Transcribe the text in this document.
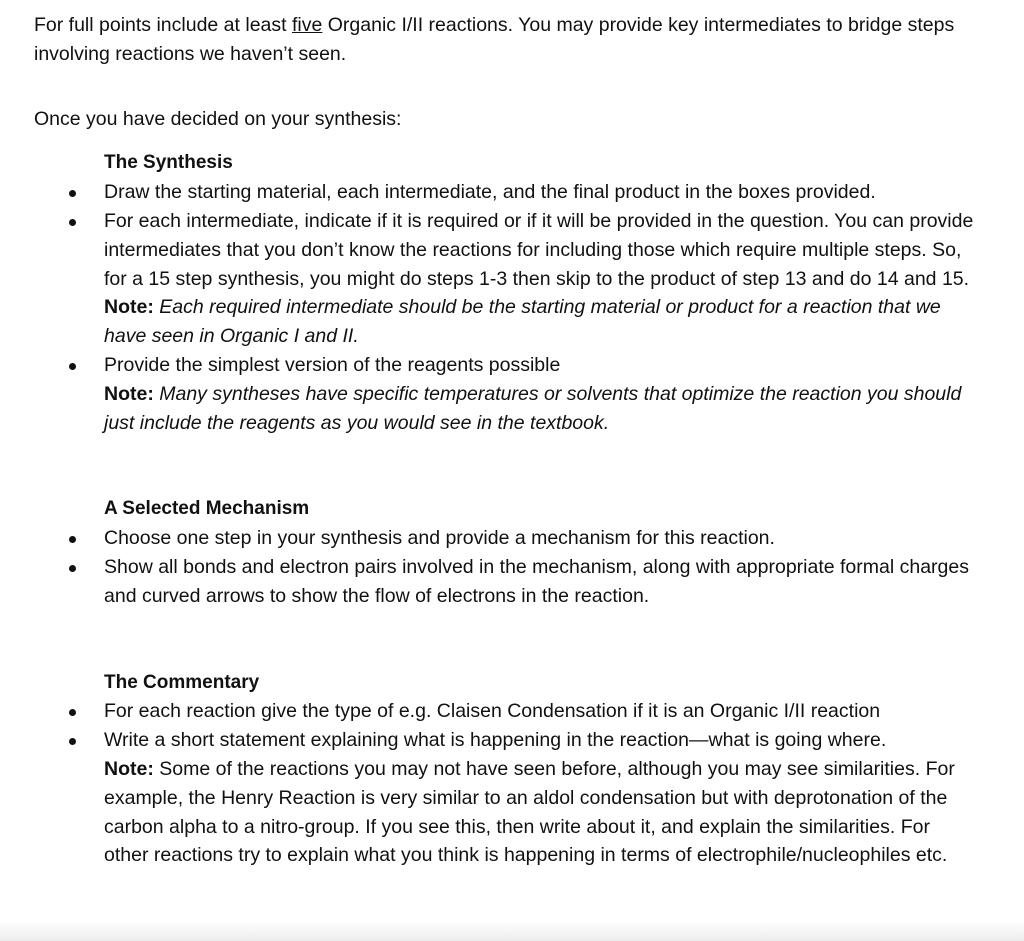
For full points include at least five Organic I/II reactions. You may provide key intermediates to bridge steps involving reactions we haven’t seen.

Once you have decided on your synthesis:

The Synthesis

Draw the starting material, each intermediate, and the final product in the boxes provided.
For each intermediate, indicate if it is required or if it will be provided in the question. You can provide intermediates that you don’t know the reactions for including those which require multiple steps. So, for a 15 step synthesis, you might do steps 1-3 then skip to the product of step 13 and do 14 and 15.
Note: Each required intermediate should be the starting material or product for a reaction that we have seen in Organic I and II.
Provide the simplest version of the reagents possible
Note: Many syntheses have specific temperatures or solvents that optimize the reaction you should just include the reagents as you would see in the textbook.

A Selected Mechanism

Choose one step in your synthesis and provide a mechanism for this reaction.
Show all bonds and electron pairs involved in the mechanism, along with appropriate formal charges and curved arrows to show the flow of electrons in the reaction.

The Commentary

For each reaction give the type of e.g. Claisen Condensation if it is an Organic I/II reaction
Write a short statement explaining what is happening in the reaction—what is going where.
Note: Some of the reactions you may not have seen before, although you may see similarities. For example, the Henry Reaction is very similar to an aldol condensation but with deprotonation of the carbon alpha to a nitro-group. If you see this, then write about it, and explain the similarities. For other reactions try to explain what you think is happening in terms of electrophile/nucleophiles etc.
